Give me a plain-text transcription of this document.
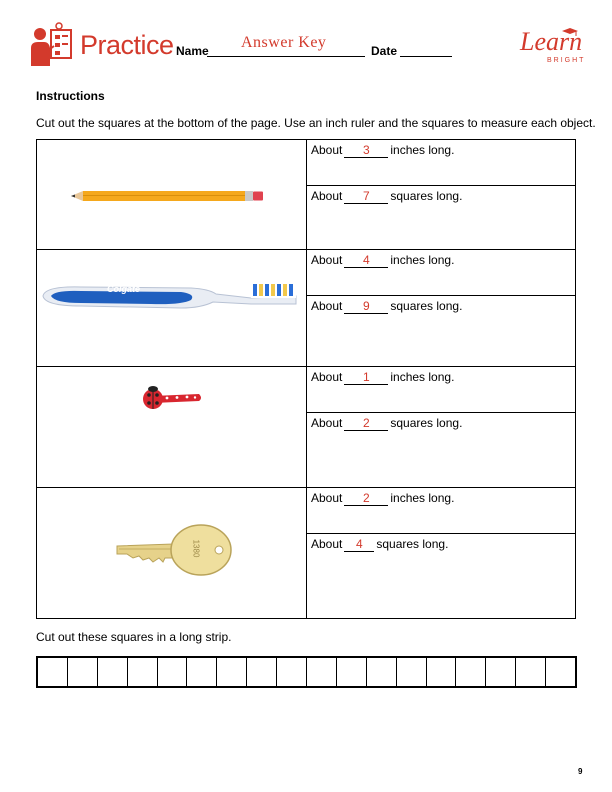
Practice Name Answer Key	Date	Learn
BRIGHT
Instructions
Cut out the squares at the bottom of the page. Use an inch ruler and the squares to measure each object.
About 3 inches long.
About 7 squares long.
Colgate
About 4 inches long.
About 9 squares long.
About 1 inches long.
About 2 squares long.
1380
About 2 inches long.
About 4 squares long.
Cut out these squares in a long strip.
9
